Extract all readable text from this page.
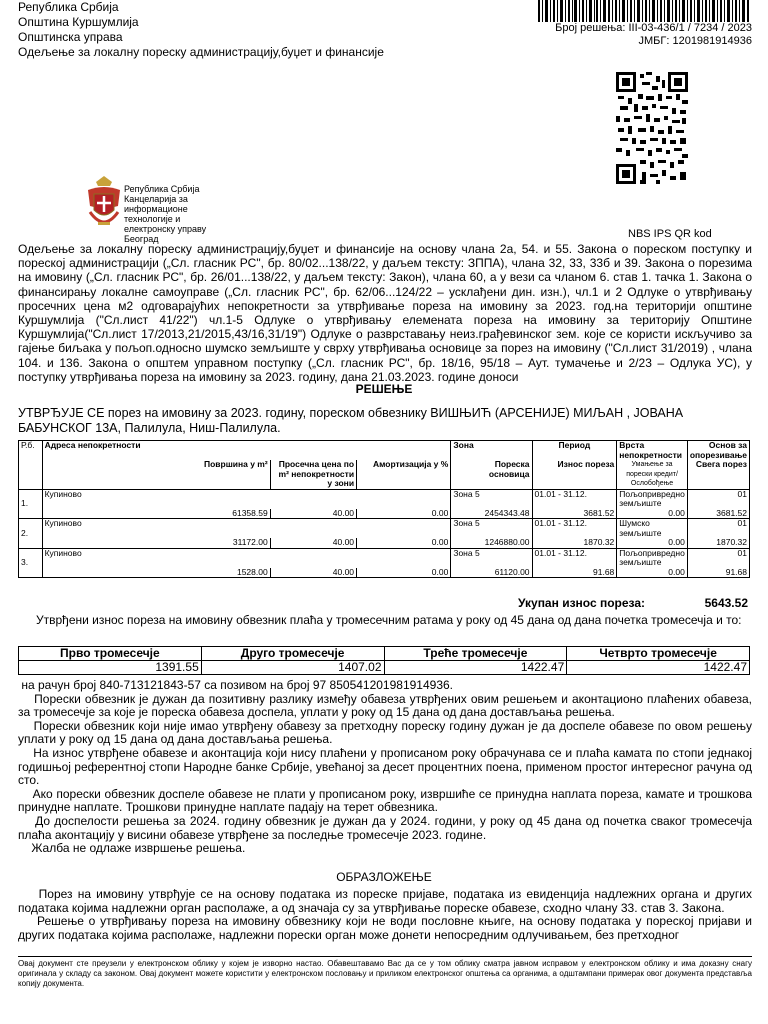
Република Србија
Општина Куршумлија
Општинска управа
Одељење за локалну пореску администрацију,буџет и финансије
Број решења: III-03-436/1 / 7234 / 2023
ЈМБГ: 1201981914936
NBS IPS QR kod
Република Србија
Канцеларија за
информационе
технологије и
електронску управу
Београд

Одељење за локалну пореску администрацију,буџет и финансије на основу члана 2а, 54. и 55. Закона о пореском поступку и пореској администрацији („Сл. гласник РС", бр. 80/02...138/22, у даљем тексту: ЗППА), члана 32, 33, 33б и 39. Закона о порезима на имовину („Сл. гласник РС", бр. 26/01...138/22, у даљем тексту: Закон), члана 60, а у вези са чланом 6. став 1. тачка 1. Закона о финансирању локалне самоуправе („Сл. гласник РС", бр. 62/06...124/22 – усклађени дин. изн.), чл.1 и 2 Одлуке о утврђивању просечних цена м2 одговарајућих непокретности за утврђивање пореза на имовину за 2023. год.на територији општине Куршумлија ("Сл.лист 41/22") чл.1-5 Одлуке о утврђивању елемената пореза на имовину за територију Општине Куршумлија("Сл.лист 17/2013,21/2015,43/16,31/19") Одлуке о разврставању неиз.грађевинског зем. које се користи искључиво за гајење биљака у пољоп.односно шумско земљиште у сврху утврђивања основице за порез на имовину ("Сл.лист 31/2019) , члана 104. и 136. Закона о општем управном поступку („Сл. гласник РС", бр. 18/16, 95/18 – Аут. тумачење и 2/23 – Одлука УС), у поступку утврђивања пореза на имовину за 2023. годину, дана 21.03.2023. године доноси

РЕШЕЊЕ

УТВРЂУЈЕ СЕ порез на имовину за 2023. годину, пореском обвезнику ВИШЊИЋ (АРСЕНИЈЕ) МИЉАН , ЈОВАНА БАБУНСКОГ 13А, Палилула, Ниш-Палилула.

Р.б.	Адреса непокретности			Зона	Период	Врста непокретности	Основ за опорезивање
	Површина у m²	Просечна цена по m² непокретности у зони	Амортизација у %	Пореска основица	Износ пореза	Умањење за порески кредит/Ослобођење	Свега порез
1.	Купиново			Зона 5	01.01 - 31.12.	Пољопривредно земљиште	01
	61358.59	40.00	0.00	2454343.48	3681.52	0.00	3681.52
2.	Купиново			Зона 5	01.01 - 31.12.	Шумско земљиште	01
	31172.00	40.00	0.00	1246880.00	1870.32	0.00	1870.32
3.	Купиново			Зона 5	01.01 - 31.12.	Пољопривредно земљиште	01
	1528.00	40.00	0.00	61120.00	91.68	0.00	91.68
Укупан износ пореза:	5643.52

Утврђени износ пореза на имовину обвезник плаћа у тромесечним ратама у року од 45 дана од дана почетка тромесечја и то:

Прво тромесечје	Друго тромесечје	Треће тромесечје	Четврто тромесечје
1391.55	1407.02	1422.47	1422.47

на рачун број 840-713121843-57 са позивом на број 97 850541201981914936.

Порески обвезник је дужан да позитивну разлику између обавеза утврђених овим решењем и аконтационо плаћених обавеза, за тромесечје за које је пореска обавеза доспела, уплати у року од 15 дана од дана достављања решења.

Порески обвезник који није имао утврђену обавезу за претходну пореску годину дужан је да доспеле обавезе по овом решењу уплати у року од 15 дана од дана достављања решења.

На износ утврђене обавезе и аконтација који нису плаћени у прописаном року обрачунава се и плаћа камата по стопи једнакој годишњој референтној стопи Народне банке Србије, увећаној за десет процентних поена, применом простог интересног рачуна од сто.

Ако порески обвезник доспеле обавезе не плати у прописаном року, извршиће се принудна наплата пореза, камате и трошкова принудне наплате. Трошкови принудне наплате падају на терет обвезника.

До доспелости решења за 2024. годину обвезник је дужан да у 2024. години, у року од 45 дана од почетка сваког тромесечја плаћа аконтацију у висини обавезе утврђене за последње тромесечје 2023. године.

Жалба не одлаже извршење решења.

ОБРАЗЛОЖЕЊЕ

Порез на имовину утврђује се на основу података из пореске пријаве, података из евиденција надлежних органа и других података којима надлежни орган располаже, а од значаја су за утврђивање пореске обавезе, сходно члану 33. став 3. Закона.

Решење о утврђивању пореза на имовину обвезнику који не води пословне књиге, на основу података у пореској пријави и других података којима располаже, надлежни порески орган може донети непосредним одлучивањем, без претходног

Овај документ сте преузели у електронском облику у којем је изворно настао. Обавештавамо Вас да се у том облику сматра јавном исправом у електронском облику и има доказну снагу оригинала у складу са законом. Овај документ можете користити у електронском пословању и приликом електронског општења са органима, а одштампани примерак овог документа представља копију документа.
